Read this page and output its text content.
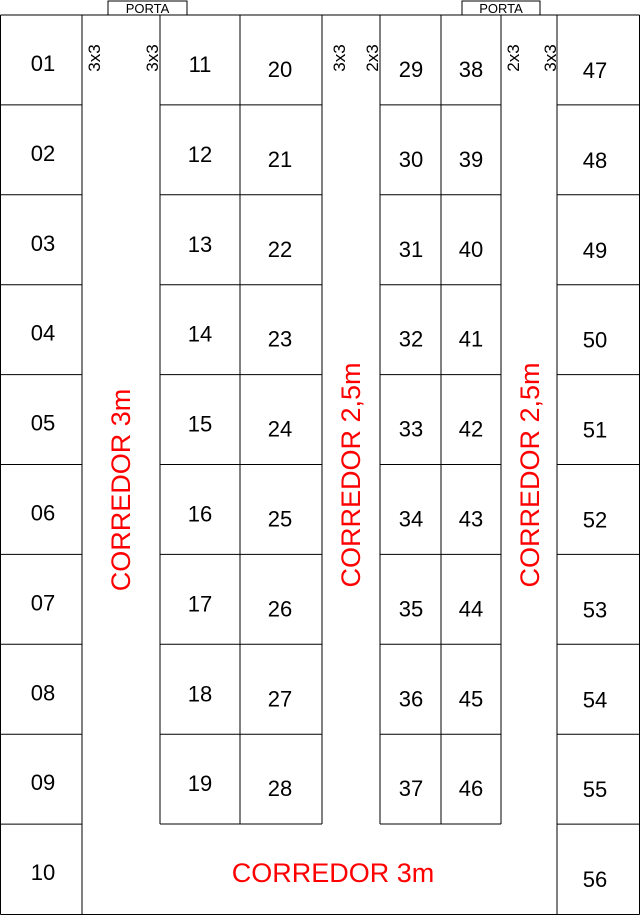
PORTA	PORTA
01
02
03
04
05
06
07
08
09
10
11
12
13
14
15
16
17
18
19
20
21
22
23
24
25
26
27
28
29
30
31
32
33
34
35
36
37
38
39
40
41
42
43
44
45
46
47
48
49
50
51
52
53
54
55
56
3x3 3x3	3x3 2x3	2x3 3x3
CORREDOR 3m	CORREDOR 2,5m	CORREDOR 2,5m
CORREDOR 3m
